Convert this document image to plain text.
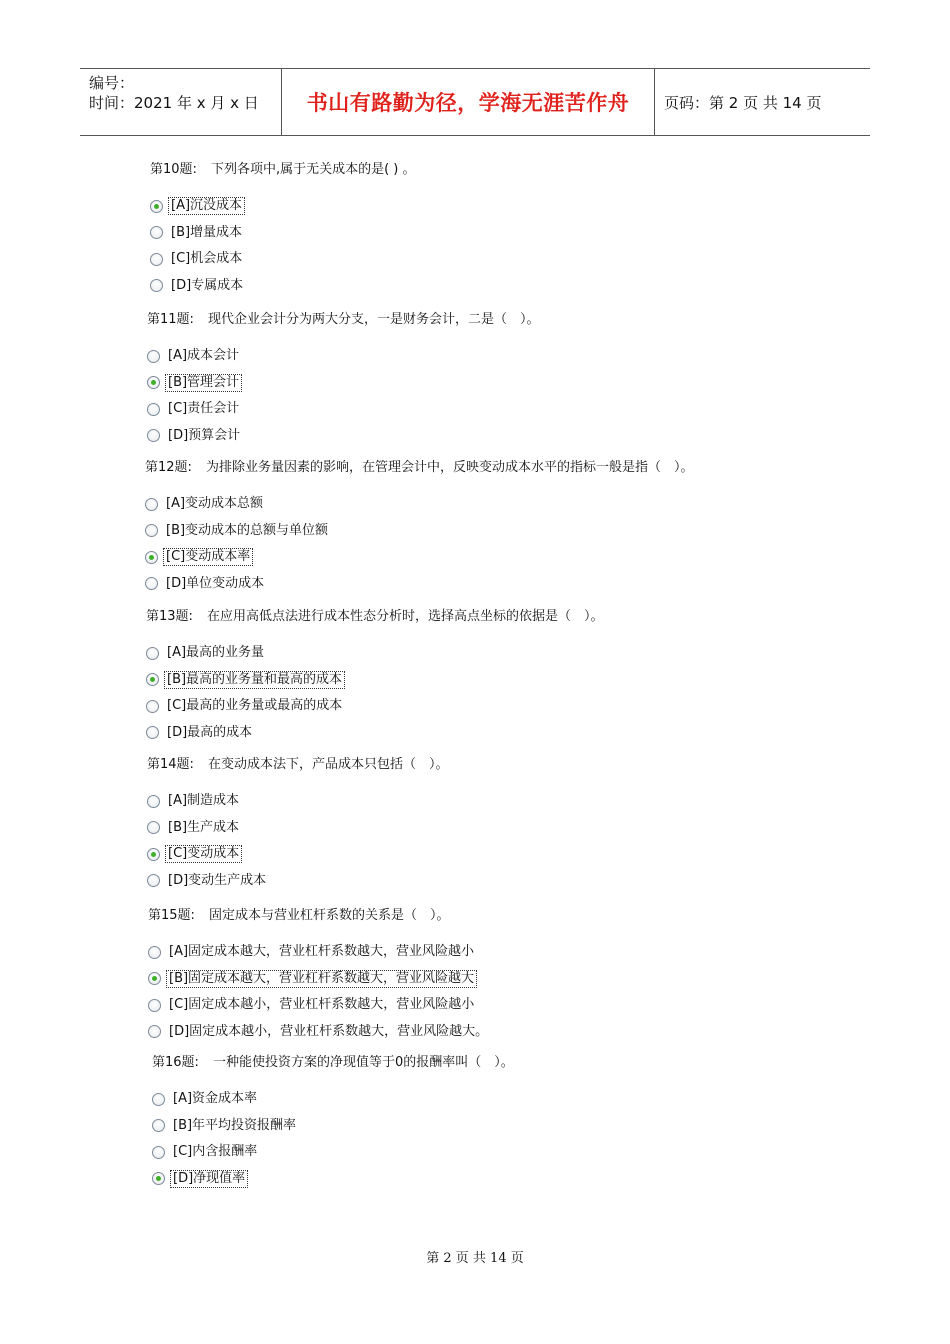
编号：
时间：2021 年 x 月 x 日	书山有路勤为径，学海无涯苦作舟 页码：第 2 页 共 14 页
第10题: 下列各项中,属于无关成本的是( ) 。
[A]沉没成本
[B]增量成本
[C]机会成本
[D]专属成本
第11题: 现代企业会计分为两大分支，一是财务会计，二是（　）。
[A]成本会计
[B]管理会计
[C]责任会计
[D]预算会计
第12题: 为排除业务量因素的影响，在管理会计中，反映变动成本水平的指标一般是指（　）。
[A]变动成本总额
[B]变动成本的总额与单位额
[C]变动成本率
[D]单位变动成本
第13题: 在应用高低点法进行成本性态分析时，选择高点坐标的依据是（　）。
[A]最高的业务量
[B]最高的业务量和最高的成本
[C]最高的业务量或最高的成本
[D]最高的成本
第14题: 在变动成本法下，产品成本只包括（　）。
[A]制造成本
[B]生产成本
[C]变动成本
[D]变动生产成本
第15题: 固定成本与营业杠杆系数的关系是（　）。
[A]固定成本越大，营业杠杆系数越大，营业风险越小
[B]固定成本越大，营业杠杆系数越大，营业风险越大
[C]固定成本越小，营业杠杆系数越大，营业风险越小
[D]固定成本越小，营业杠杆系数越大，营业风险越大。
第16题: 一种能使投资方案的净现值等于0的报酬率叫（　）。
[A]资金成本率
[B]年平均投资报酬率
[C]内含报酬率
[D]净现值率
第 2 页 共 14 页
